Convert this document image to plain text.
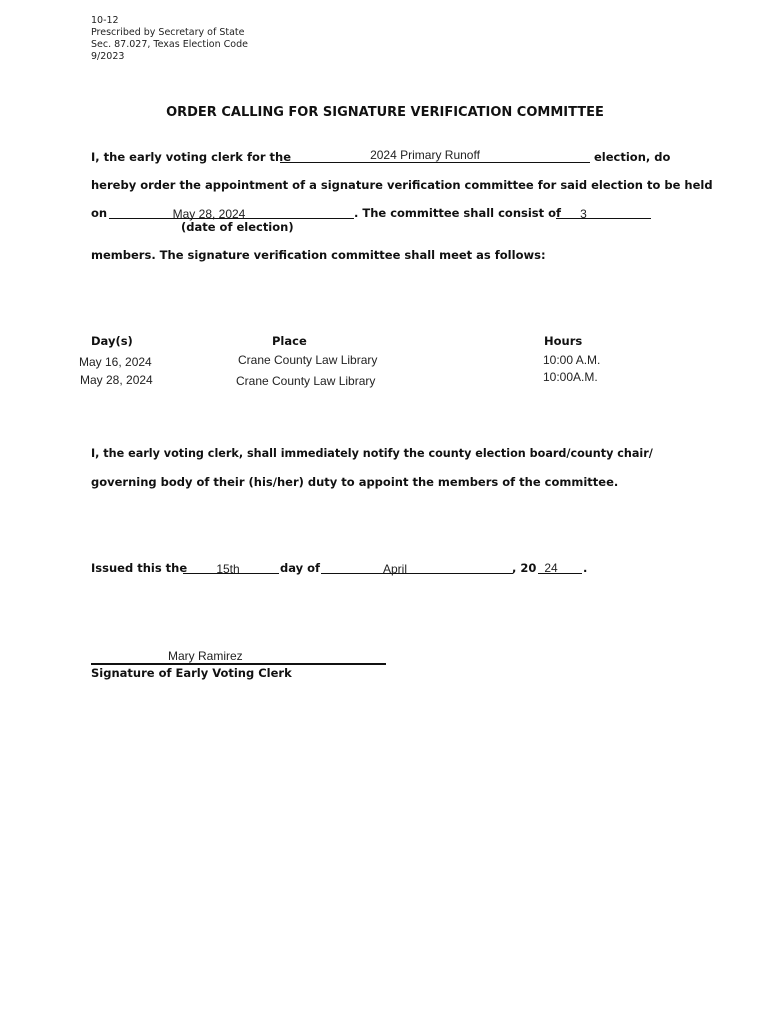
10-12
Prescribed by Secretary of State
Sec. 87.027, Texas Election Code
9/2023
ORDER CALLING FOR SIGNATURE VERIFICATION COMMITTEE
I, the early voting clerk for the	2024 Primary Runoff	election, do
hereby order the appointment of a signature verification committee for said election to be held
on	May 28, 2024	. The committee shall consist of	3
(date of election)
members. The signature verification committee shall meet as follows:
Day(s)	Place	Hours
May 16, 2024	Crane County Law Library	10:00 A.M.
May 28, 2024	Crane County Law Library	10:00A.M.
I, the early voting clerk, shall immediately notify the county election board/county chair/
governing body of their (his/her) duty to appoint the members of the committee.
Issued this the	15th	day of	April	, 20 24	.
Mary Ramirez
Signature of Early Voting Clerk
